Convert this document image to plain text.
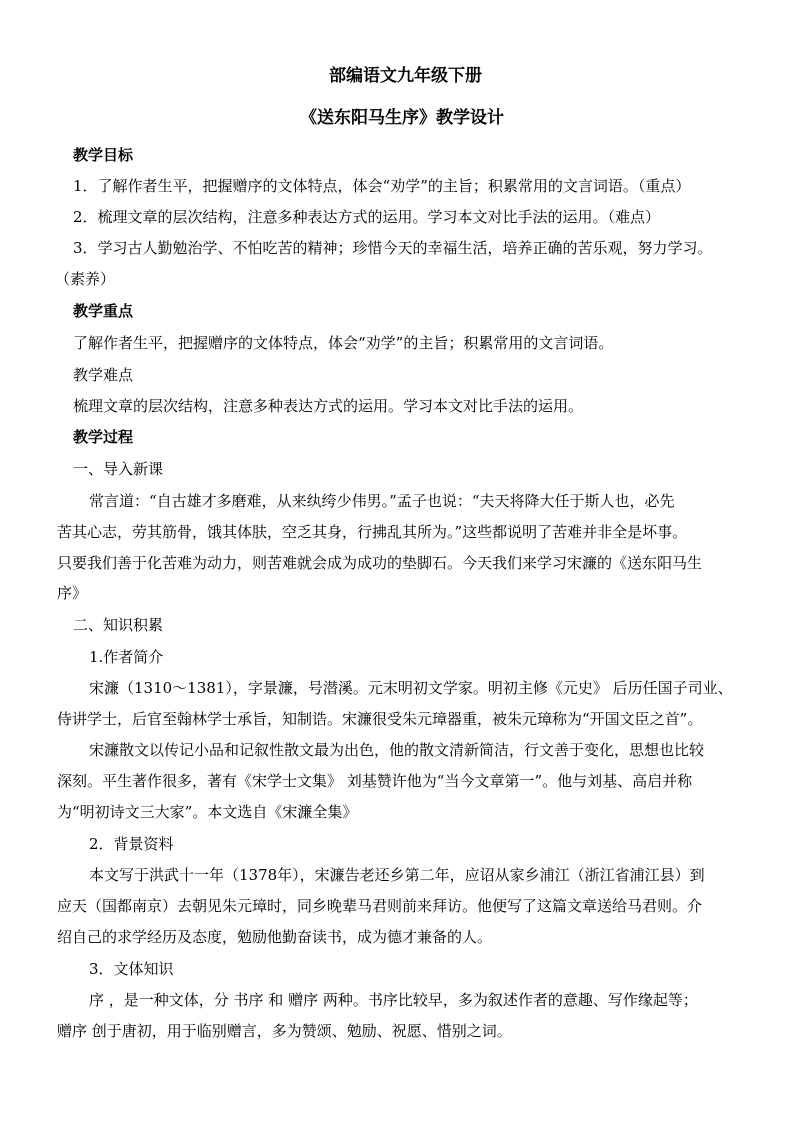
部编语文九年级下册
《送东阳马生序》教学设计
教学目标
1．了解作者生平，把握赠序的文体特点，体会“劝学”的主旨；积累常用的文言词语。（重点）
2．梳理文章的层次结构，注意多种表达方式的运用。学习本文对比手法的运用。（难点）
3．学习古人勤勉治学、不怕吃苦的精神；珍惜今天的幸福生活，培养正确的苦乐观，努力学习。
（素养）
教学重点
了解作者生平，把握赠序的文体特点，体会“劝学”的主旨；积累常用的文言词语。
教学难点
梳理文章的层次结构，注意多种表达方式的运用。学习本文对比手法的运用。
教学过程
一、导入新课
常言道：“自古雄才多磨难，从来纨绔少伟男。”孟子也说：“夫天将降大任于斯人也，必先
苦其心志，劳其筋骨，饿其体肤，空乏其身，行拂乱其所为。”这些都说明了苦难并非全是坏事。
只要我们善于化苦难为动力，则苦难就会成为成功的垫脚石。今天我们来学习宋濂的《送东阳马生
序》
二、知识积累
1.作者简介
宋濂（1310～1381），字景濂，号潜溪。元末明初文学家。明初主修《元史》 后历任国子司业、
侍讲学士，后官至翰林学士承旨，知制诰。宋濂很受朱元璋器重，被朱元璋称为“开国文臣之首”。
宋濂散文以传记小品和记叙性散文最为出色，他的散文清新简洁，行文善于变化，思想也比较
深刻。平生著作很多，著有《宋学士文集》 刘基赞许他为“当今文章第一”。他与刘基、高启并称
为“明初诗文三大家”。本文选自《宋濂全集》
2．背景资料
本文写于洪武十一年（1378年），宋濂告老还乡第二年，应诏从家乡浦江（浙江省浦江县）到
应天（国都南京）去朝见朱元璋时，同乡晚辈马君则前来拜访。他便写了这篇文章送给马君则。介
绍自己的求学经历及态度，勉励他勤奋读书，成为德才兼备的人。
3．文体知识
序 ，是一种文体，分 书序 和 赠序 两种。书序比较早，多为叙述作者的意趣、写作缘起等；
赠序 创于唐初，用于临别赠言，多为赞颂、勉励、祝愿、惜别之词。
